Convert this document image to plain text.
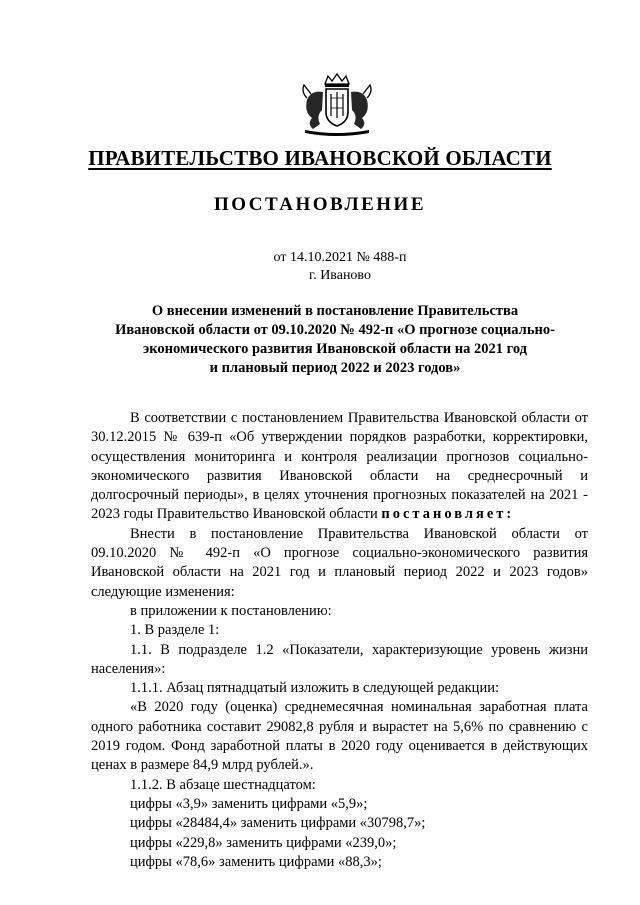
ПРАВИТЕЛЬСТВО ИВАНОВСКОЙ ОБЛАСТИ
ПОСТАНОВЛЕНИЕ
от 14.10.2021 № 488-п
г. Иваново
О внесении изменений в постановление Правительства
Ивановской области от 09.10.2020 № 492-п «О прогнозе социально-
экономического развития Ивановской области на 2021 год
и плановый период 2022 и 2023 годов»

В соответствии с постановлением Правительства Ивановской области от 30.12.2015 № 639-п «Об утверждении порядков разработки, корректировки, осуществления мониторинга и контроля реализации прогнозов социально-экономического развития Ивановской области на среднесрочный и долгосрочный периоды», в целях уточнения прогнозных показателей на 2021 - 2023 годы Правительство Ивановской области постановляет:

Внести в постановление Правительства Ивановской области от 09.10.2020 № 492-п «О прогнозе социально-экономического развития Ивановской области на 2021 год и плановый период 2022 и 2023 годов» следующие изменения:

в приложении к постановлению:

1. В разделе 1:

1.1. В подразделе 1.2 «Показатели, характеризующие уровень жизни населения»:

1.1.1. Абзац пятнадцатый изложить в следующей редакции:

«В 2020 году (оценка) среднемесячная номинальная заработная плата одного работника составит 29082,8 рубля и вырастет на 5,6% по сравнению с 2019 годом. Фонд заработной платы в 2020 году оценивается в действующих ценах в размере 84,9 млрд рублей.».

1.1.2. В абзаце шестнадцатом:

цифры «3,9» заменить цифрами «5,9»;

цифры «28484,4» заменить цифрами «30798,7»;

цифры «229,8» заменить цифрами «239,0»;

цифры «78,6» заменить цифрами «88,3»;
